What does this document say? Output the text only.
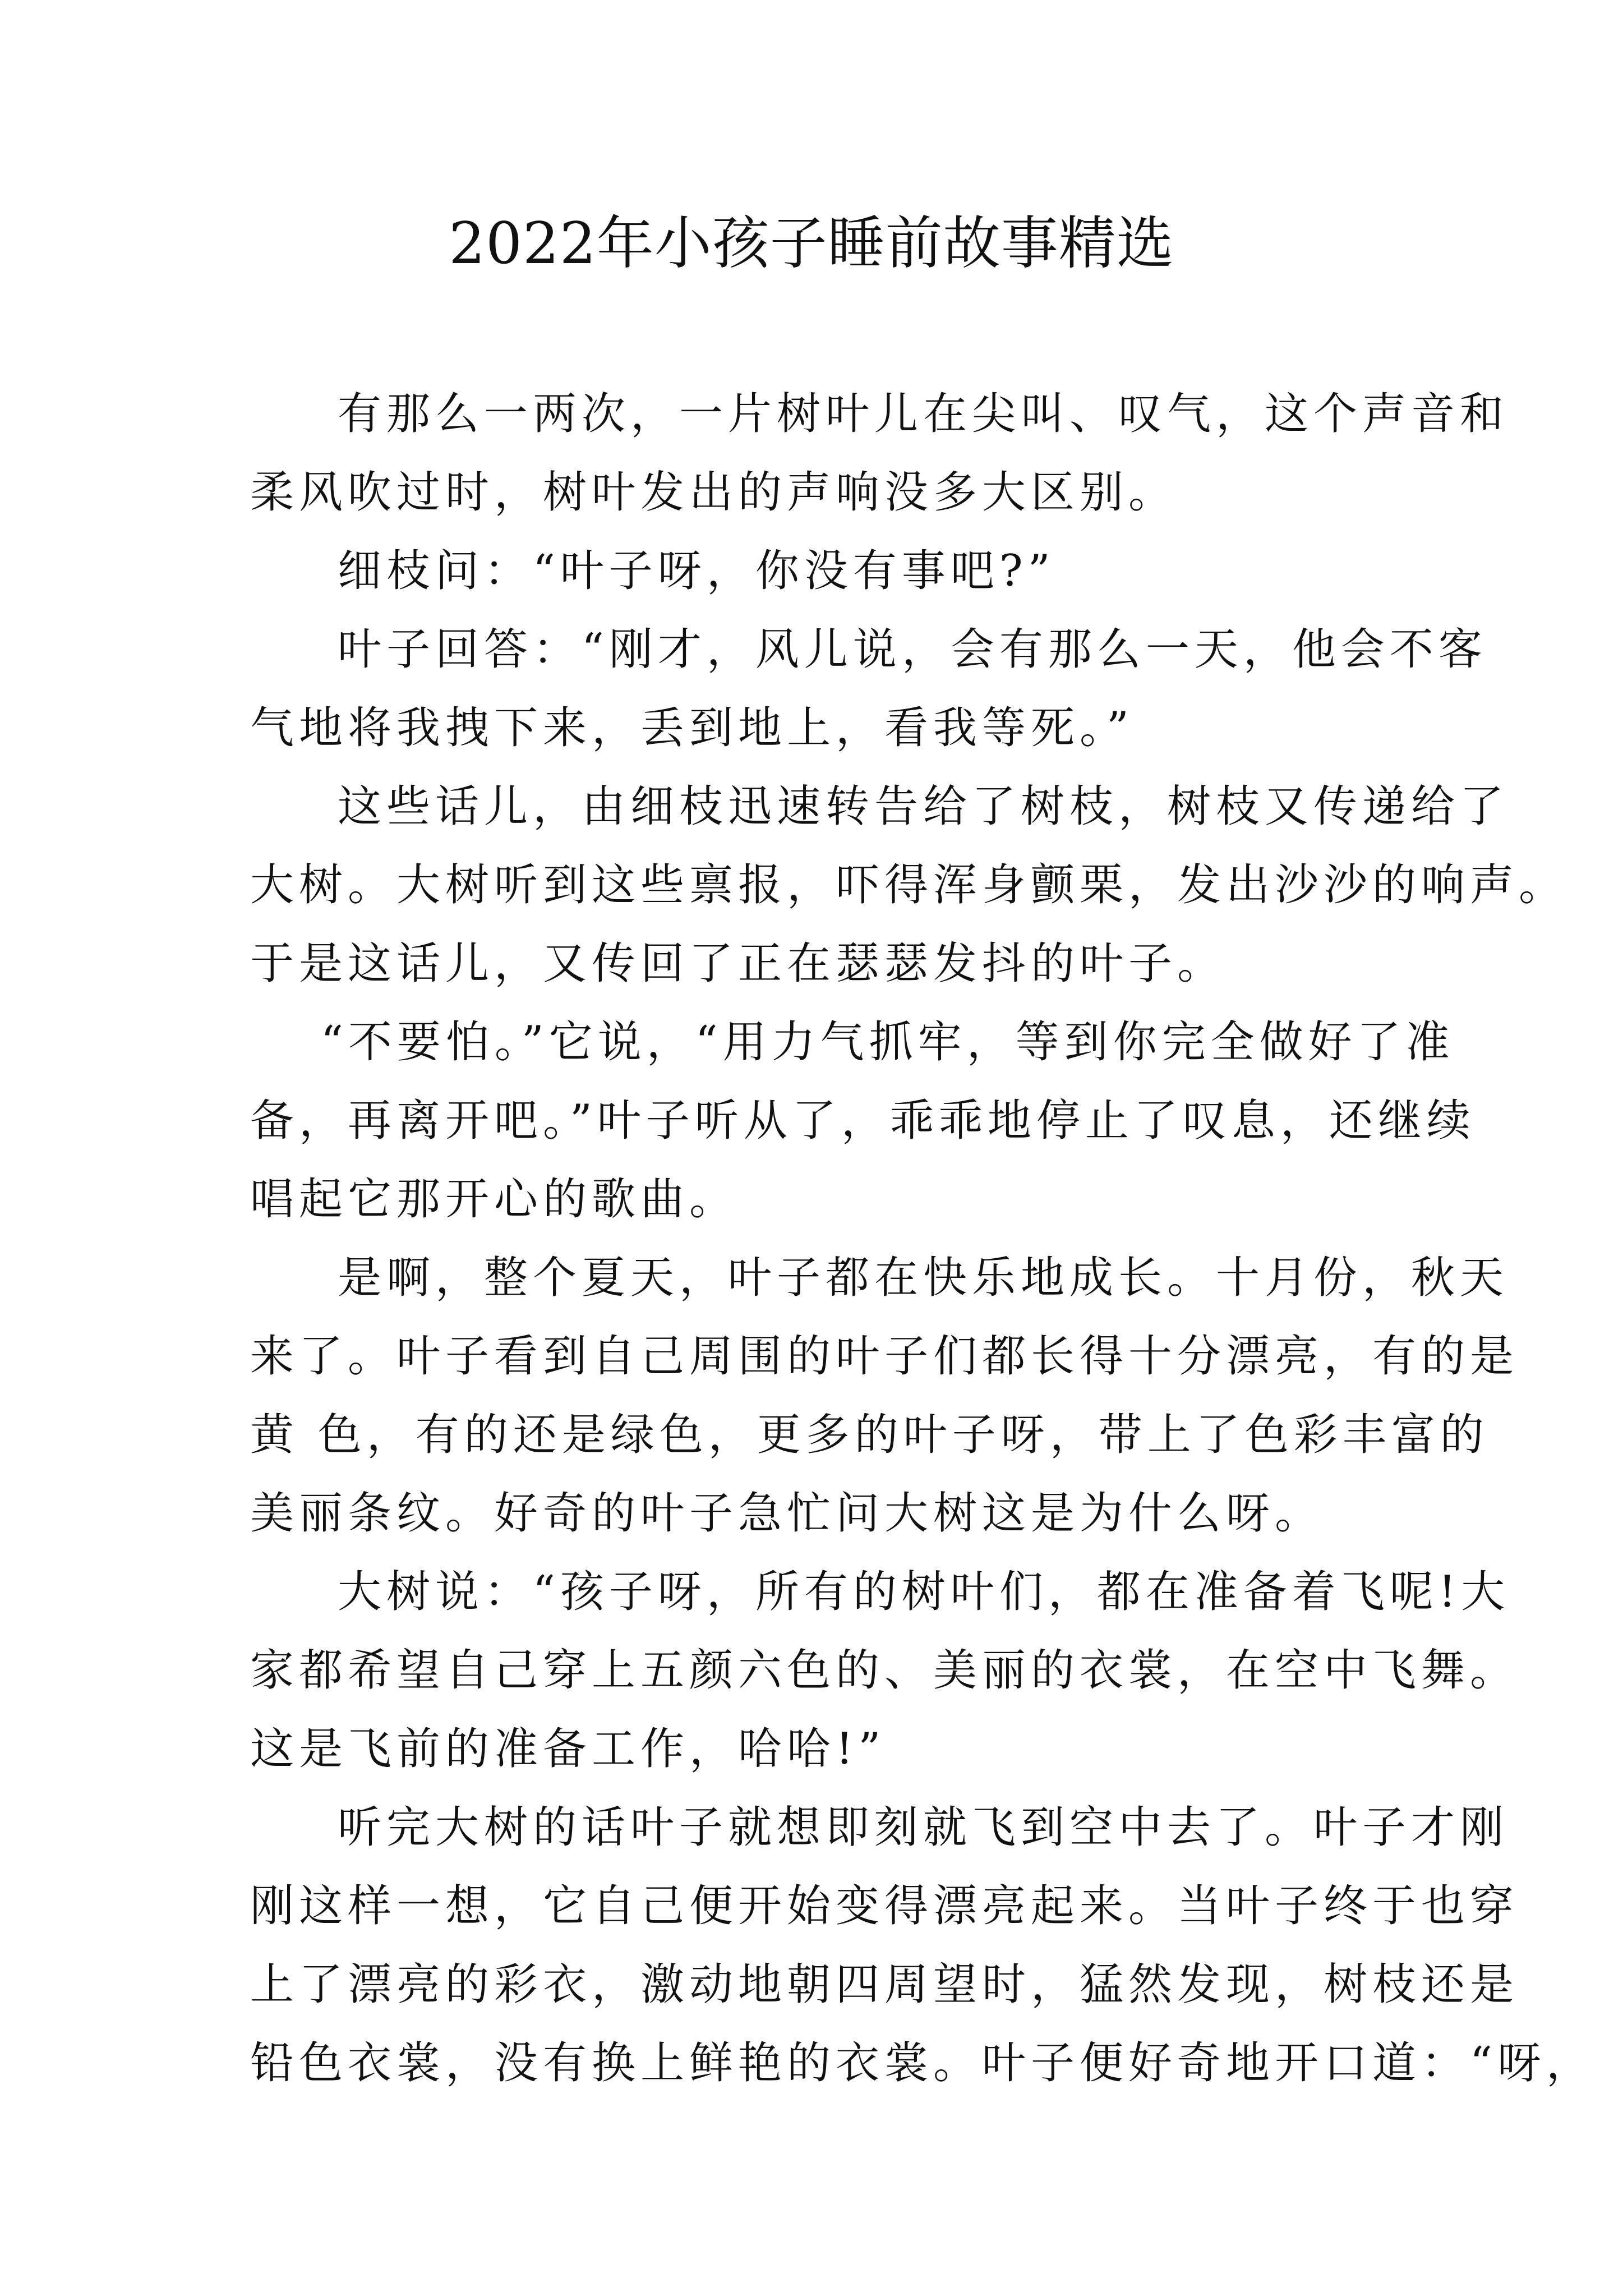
2022年小孩子睡前故事精选
有那么一两次，一片树叶儿在尖叫、叹气，这个声音和
柔风吹过时，树叶发出的声响没多大区别。
细枝问：“叶子呀，你没有事吧?”
叶子回答：“刚才，风儿说，会有那么一天，他会不客
气地将我拽下来，丢到地上，看我等死。”
这些话儿，由细枝迅速转告给了树枝，树枝又传递给了
大树。大树听到这些禀报，吓得浑身颤栗，发出沙沙的响声。
于是这话儿，又传回了正在瑟瑟发抖的叶子。
“不要怕。”它说，“用力气抓牢，等到你完全做好了准
备，再离开吧。”叶子听从了，乖乖地停止了叹息，还继续
唱起它那开心的歌曲。
是啊，整个夏天，叶子都在快乐地成长。十月份，秋天
来了。叶子看到自己周围的叶子们都长得十分漂亮，有的是
黄 色，有的还是绿色，更多的叶子呀，带上了色彩丰富的
美丽条纹。好奇的叶子急忙问大树这是为什么呀。
大树说：“孩子呀，所有的树叶们，都在准备着飞呢!大
家都希望自己穿上五颜六色的、美丽的衣裳，在空中飞舞。
这是飞前的准备工作，哈哈!”
听完大树的话叶子就想即刻就飞到空中去了。叶子才刚
刚这样一想，它自己便开始变得漂亮起来。当叶子终于也穿
上了漂亮的彩衣，激动地朝四周望时，猛然发现，树枝还是
铅色衣裳，没有换上鲜艳的衣裳。叶子便好奇地开口道：“呀，
